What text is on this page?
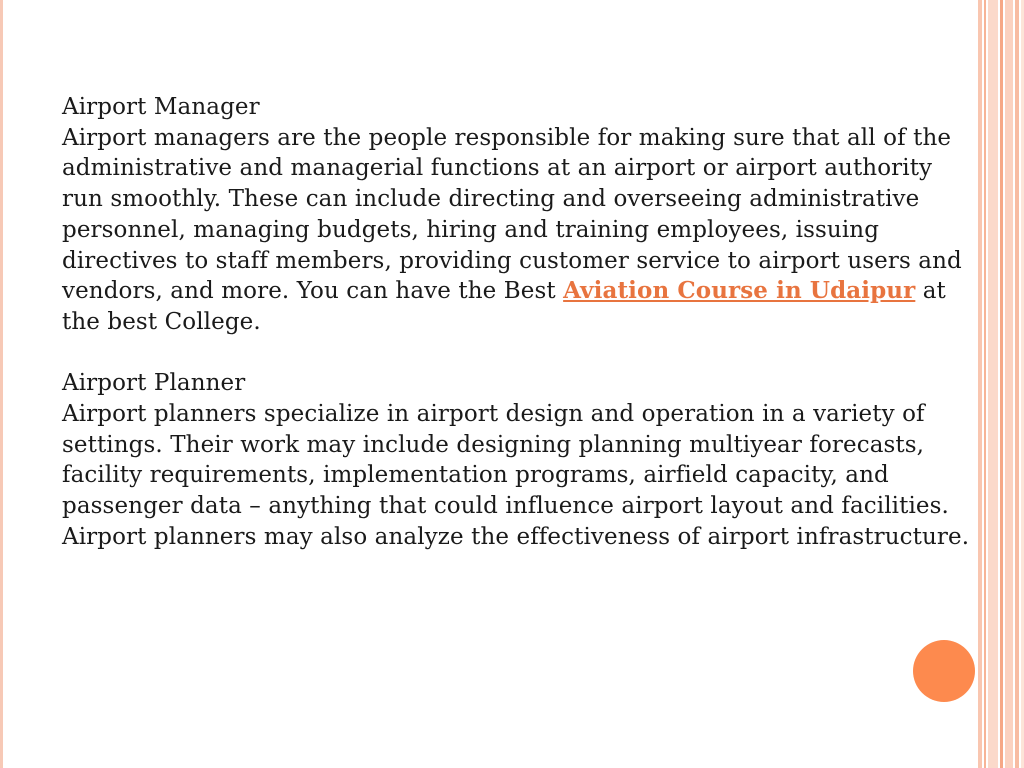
Airport Manager

Airport managers are the people responsible for making sure that all of the administrative and managerial functions at an airport or airport authority run smoothly. These can include directing and overseeing administrative personnel, managing budgets, hiring and training employees, issuing directives to staff members, providing customer service to airport users and vendors, and more. You can have the Best Aviation Course in Udaipur at the best College.

Airport Planner

Airport planners specialize in airport design and operation in a variety of settings. Their work may include designing planning multiyear forecasts, facility requirements, implementation programs, airfield capacity, and passenger data – anything that could influence airport layout and facilities. Airport planners may also analyze the effectiveness of airport infrastructure.
